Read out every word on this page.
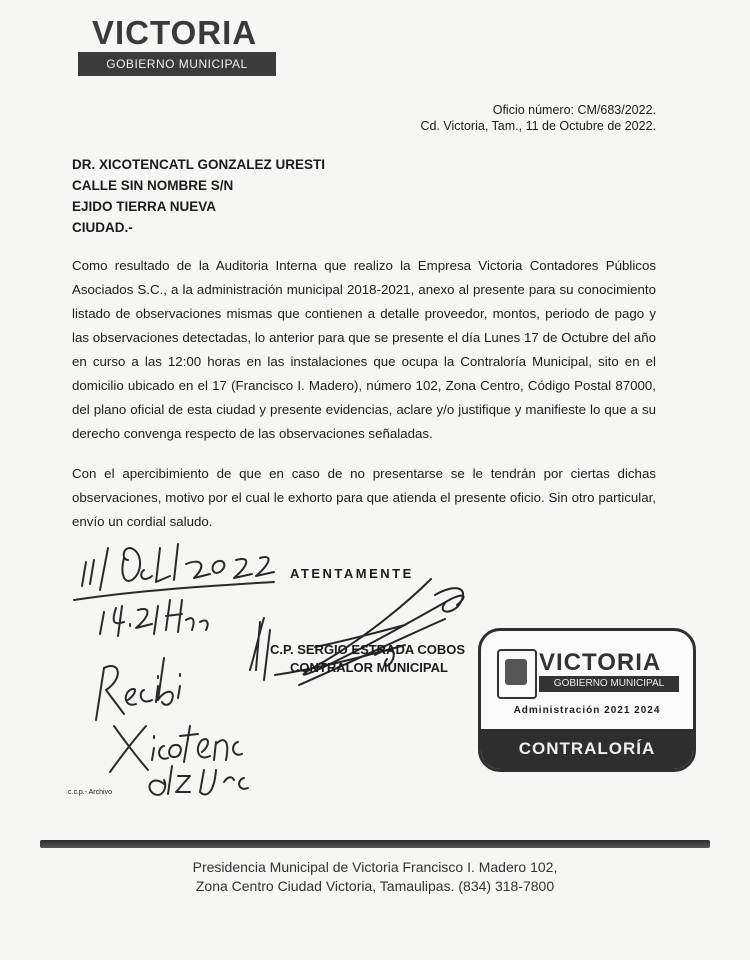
VICTORIA
GOBIERNO MUNICIPAL
Oficio número: CM/683/2022.
Cd. Victoria, Tam., 11 de Octubre de 2022.
DR. XICOTENCATL GONZALEZ URESTI
CALLE SIN NOMBRE S/N
EJIDO TIERRA NUEVA
CIUDAD.-

Como resultado de la Auditoria Interna que realizo la Empresa Victoria Contadores Públicos Asociados S.C., a la administración municipal 2018-2021, anexo al presente para su conocimiento listado de observaciones mismas que contienen a detalle proveedor, montos, periodo de pago y las observaciones detectadas, lo anterior para que se presente el día Lunes 17 de Octubre del año en curso a las 12:00 horas en las instalaciones que ocupa la Contraloría Municipal, sito en el domicilio ubicado en el 17 (Francisco I. Madero), número 102, Zona Centro, Código Postal 87000, del plano oficial de esta ciudad y presente evidencias, aclare y/o justifique y manifieste lo que a su derecho convenga respecto de las observaciones señaladas.

Con el apercibimiento de que en caso de no presentarse se le tendrán por ciertas dichas observaciones, motivo por el cual le exhorto para que atienda el presente oficio. Sin otro particular, envío un cordial saludo.

ATENTAMENTE
C.P. SERGIO ESTRADA COBOS
CONTRALOR MUNICIPAL	VICTORIA
GOBIERNO MUNICIPAL
Administración 2021 2024
CONTRALORÍA
c.c.p.- Archivo
Presidencia Municipal de Victoria Francisco I. Madero 102,
Zona Centro Ciudad Victoria, Tamaulipas. (834) 318-7800
